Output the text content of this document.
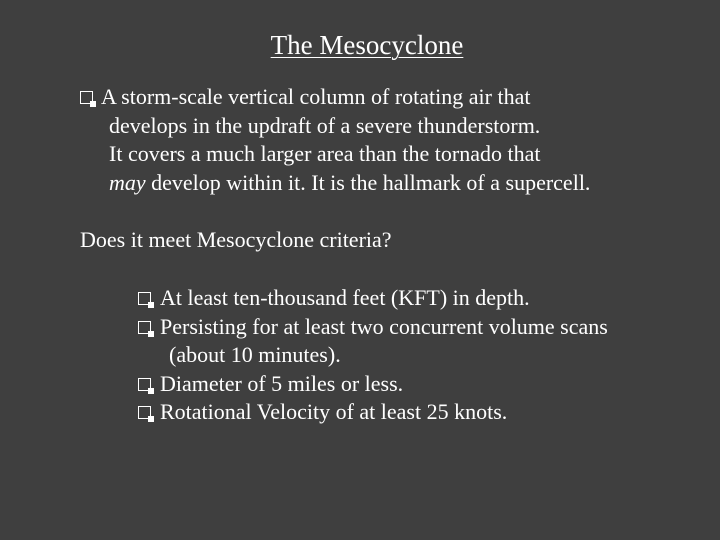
The Mesocyclone
A storm-scale vertical column of rotating air that
develops in the updraft of a severe thunderstorm.
It covers a much larger area than the tornado that
may develop within it. It is the hallmark of a supercell.
Does it meet Mesocyclone criteria?
At least ten-thousand feet (KFT) in depth.
Persisting for at least two concurrent volume scans
(about 10 minutes).
Diameter of 5 miles or less.
Rotational Velocity of at least 25 knots.
